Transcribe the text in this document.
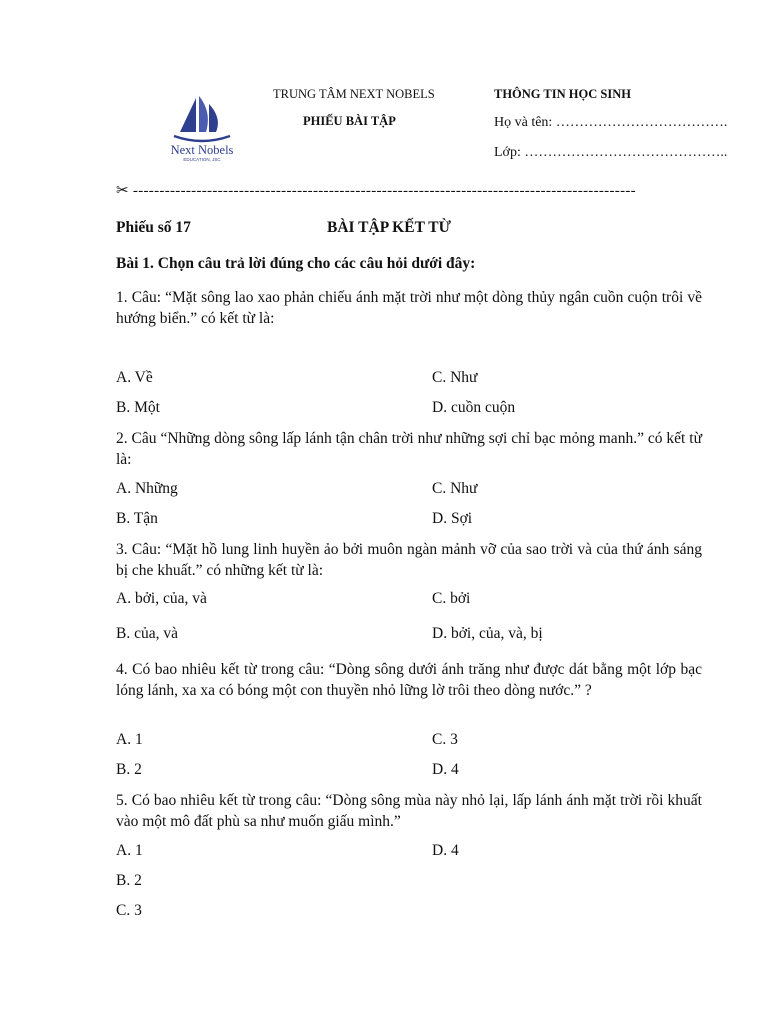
Next Nobels
EDUCATION, JSC
TRUNG TÂM NEXT NOBELS
PHIẾU BÀI TẬP
THÔNG TIN HỌC SINH
Họ và tên: ……………………………….
Lớp: ……………………………………..
✂ -----------------------------------------------------------------------------------------------
Phiếu số 17	BÀI TẬP KẾT TỪ
Bài 1. Chọn câu trả lời đúng cho các câu hỏi dưới đây:
1. Câu: “Mặt sông lao xao phản chiếu ánh mặt trời như một dòng thủy ngân cuồn cuộn trôi về hướng biển.” có kết từ là:
A. Về	C. Như
B. Một	D. cuồn cuộn
2. Câu “Những dòng sông lấp lánh tận chân trời như những sợi chỉ bạc mỏng manh.” có kết từ là:
A. Những	C. Như
B. Tận	D. Sợi
3. Câu: “Mặt hồ lung linh huyền ảo bởi muôn ngàn mảnh vỡ của sao trời và của thứ ánh sáng bị che khuất.” có những kết từ là:
A. bởi, của, và	C. bởi
B. của, và	D. bởi, của, và, bị
4. Có bao nhiêu kết từ trong câu: “Dòng sông dưới ánh trăng như được dát bằng một lớp bạc lóng lánh, xa xa có bóng một con thuyền nhỏ lững lờ trôi theo dòng nước.” ?
A. 1	C. 3
B. 2	D. 4
5. Có bao nhiêu kết từ trong câu: “Dòng sông mùa này nhỏ lại, lấp lánh ánh mặt trời rồi khuất vào một mô đất phù sa như muốn giấu mình.”
A. 1	D. 4
B. 2
C. 3
